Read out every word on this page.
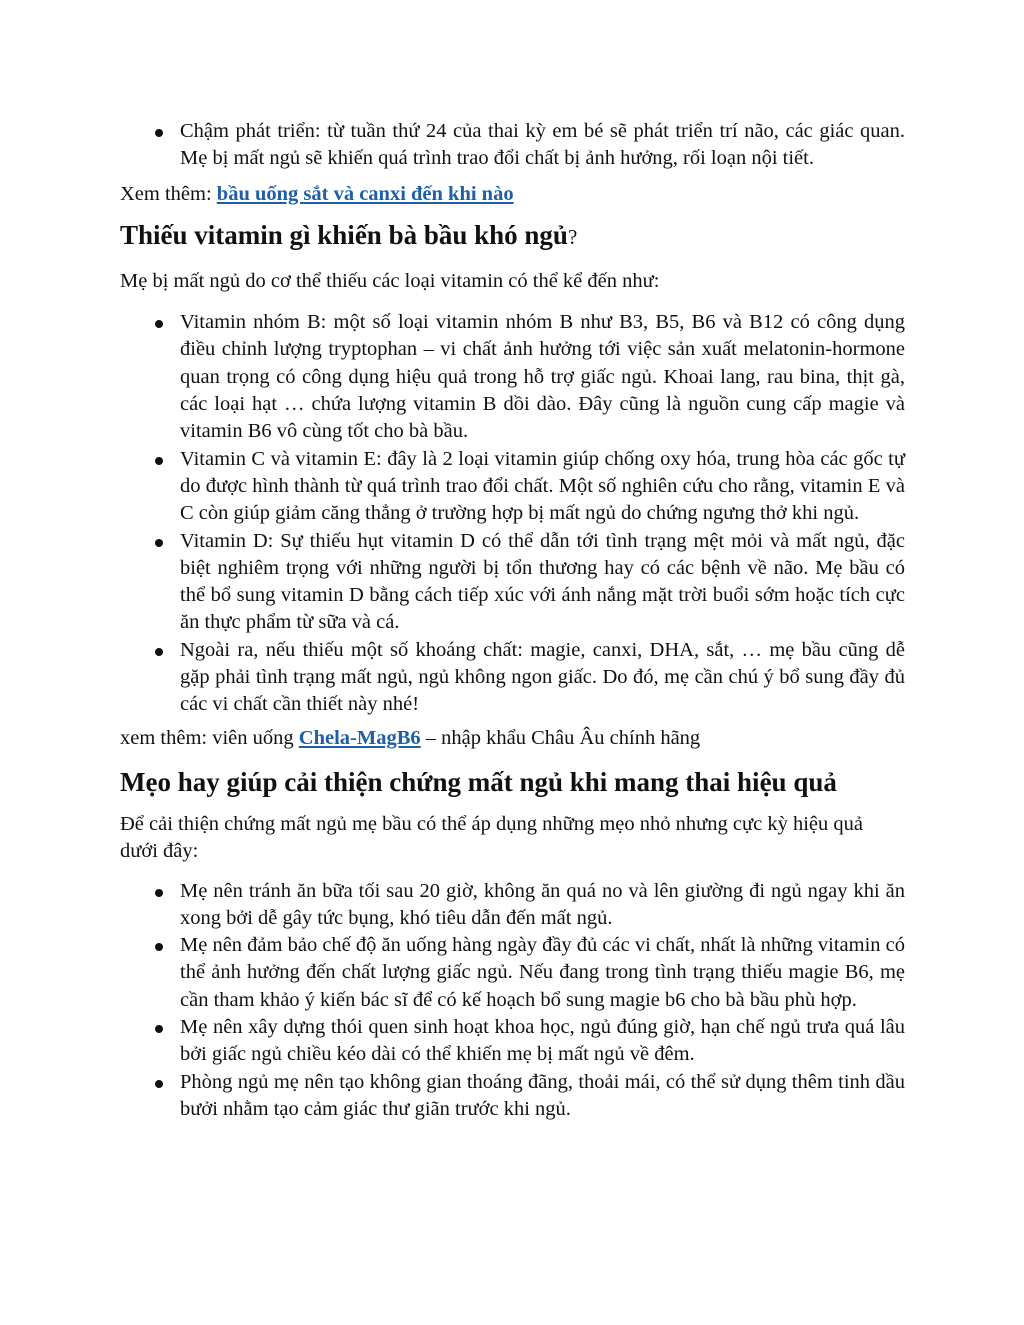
Chậm phát triển: từ tuần thứ 24 của thai kỳ em bé sẽ phát triển trí não, các giác quan. Mẹ bị mất ngủ sẽ khiến quá trình trao đổi chất bị ảnh hưởng, rối loạn nội tiết.

Xem thêm: bầu uống sắt và canxi đến khi nào

Thiếu vitamin gì khiến bà bầu khó ngủ?

Mẹ bị mất ngủ do cơ thể thiếu các loại vitamin có thể kể đến như:

Vitamin nhóm B: một số loại vitamin nhóm B như B3, B5, B6 và B12 có công dụng điều chỉnh lượng tryptophan – vi chất ảnh hưởng tới việc sản xuất melatonin-hormone quan trọng có công dụng hiệu quả trong hỗ trợ giấc ngủ. Khoai lang, rau bina, thịt gà, các loại hạt … chứa lượng vitamin B dồi dào. Đây cũng là nguồn cung cấp magie và vitamin B6 vô cùng tốt cho bà bầu.
Vitamin C và vitamin E: đây là 2 loại vitamin giúp chống oxy hóa, trung hòa các gốc tự do được hình thành từ quá trình trao đổi chất. Một số nghiên cứu cho rằng, vitamin E và C còn giúp giảm căng thẳng ở trường hợp bị mất ngủ do chứng ngưng thở khi ngủ.
Vitamin D: Sự thiếu hụt vitamin D có thể dẫn tới tình trạng mệt mỏi và mất ngủ, đặc biệt nghiêm trọng với những người bị tổn thương hay có các bệnh về não. Mẹ bầu có thể bổ sung vitamin D bằng cách tiếp xúc với ánh nắng mặt trời buổi sớm hoặc tích cực ăn thực phẩm từ sữa và cá.
Ngoài ra, nếu thiếu một số khoáng chất: magie, canxi, DHA, sắt, … mẹ bầu cũng dễ gặp phải tình trạng mất ngủ, ngủ không ngon giấc. Do đó, mẹ cần chú ý bổ sung đầy đủ các vi chất cần thiết này nhé!

xem thêm: viên uống Chela-MagB6 – nhập khẩu Châu Âu chính hãng

Mẹo hay giúp cải thiện chứng mất ngủ khi mang thai hiệu quả

Để cải thiện chứng mất ngủ mẹ bầu có thể áp dụng những mẹo nhỏ nhưng cực kỳ hiệu quả dưới đây:

Mẹ nên tránh ăn bữa tối sau 20 giờ, không ăn quá no và lên giường đi ngủ ngay khi ăn xong bởi dễ gây tức bụng, khó tiêu dẫn đến mất ngủ.
Mẹ nên đảm bảo chế độ ăn uống hàng ngày đầy đủ các vi chất, nhất là những vitamin có thể ảnh hưởng đến chất lượng giấc ngủ. Nếu đang trong tình trạng thiếu magie B6, mẹ cần tham khảo ý kiến bác sĩ để có kế hoạch bổ sung magie b6 cho bà bầu phù hợp.
Mẹ nên xây dựng thói quen sinh hoạt khoa học, ngủ đúng giờ, hạn chế ngủ trưa quá lâu bởi giấc ngủ chiều kéo dài có thể khiến mẹ bị mất ngủ về đêm.
Phòng ngủ mẹ nên tạo không gian thoáng đãng, thoải mái, có thể sử dụng thêm tinh dầu bưởi nhằm tạo cảm giác thư giãn trước khi ngủ.
